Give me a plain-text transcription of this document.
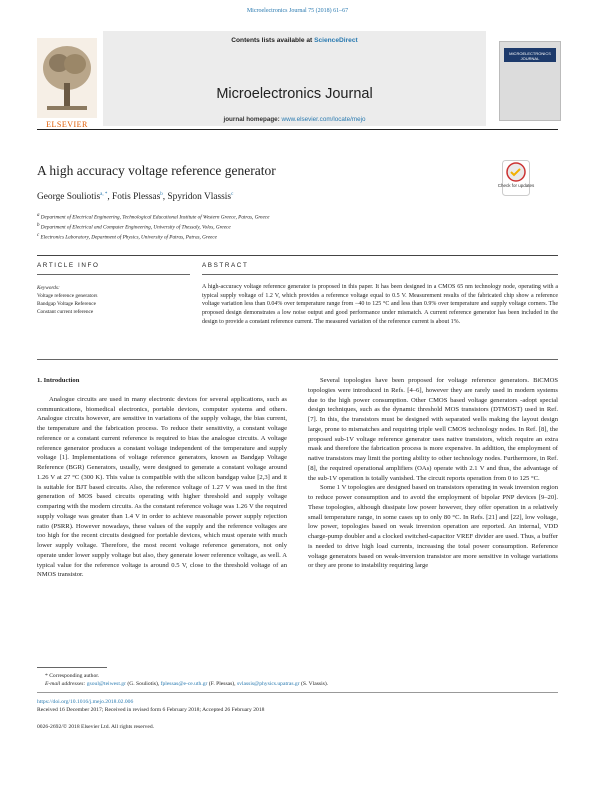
Microelectronics Journal 75 (2018) 61–67
Contents lists available at ScienceDirect
Microelectronics Journal
journal homepage: www.elsevier.com/locate/mejo
ELSEVIER
MICROELECTRONICS JOURNAL
A high accuracy voltage reference generator
George Souliotis$^{a, *}$, Fotis Plessas$^b$, Spyridon Vlassis$^c$
$^a$ Department of Electrical Engineering, Technological Educational Institute of Western Greece, Patras, Greece
$^b$ Department of Electrical and Computer Engineering, University of Thessaly, Volos, Greece
$^c$ Electronics Laboratory, Department of Physics, University of Patras, Patras, Greece
Check for updates
ARTICLE INFO	ABSTRACT
Keywords:
Voltage reference generators
Bandgap Voltage Reference
Constant current reference
A high-accuracy voltage reference generator is proposed in this paper. It has been designed in a CMOS 65 nm technology node, operating with a typical supply voltage of 1.2 V, which provides a reference voltage equal to 0.5 V. Measurement results of the fabricated chip show a reference voltage variation less than 0.04% over temperature range from −40 to 125 °C and less than 0.9% over temperature and supply voltage corners. The proposed design demonstrates a low noise output and good performance under mismatch. A current reference generator has been included in the design to provide a constant reference current. The measured variation of the reference current is about 1%.
1. Introduction

Analogue circuits are used in many electronic devices for several applications, such as communications, biomedical electronics, portable devices, computer systems and others. Analogue circuits however, are sensitive in variations of the supply voltage, the bias current, the temperature and the fabrication process. To reduce their sensitivity, a constant voltage reference or a constant current reference is required to bias the analogue circuits. A voltage reference generator produces a constant voltage independent of the temperature and supply voltage [1]. Implementations of voltage reference generators, known as Bandgap Voltage Reference (BGR) Generators, usually, were designed to generate a constant voltage around 1.26 V at 27 °C (300 K). This value is compatible with the silicon bandgap value [2,3] and it is suitable for BJT based circuits. Also, the reference voltage of 1.27 V was used in the first generation of MOS based circuits operating with higher threshold and supply voltage comparing with the modern circuits. As the constant reference voltage was 1.26 V the required supply voltage was greater than 1.4 V in order to achieve reasonable power supply rejection ratio (PSRR). However nowadays, these values of the supply and the reference voltages are too high for the recent circuits designed for portable devices, which must operate with much lower supply voltage. Therefore, the most recent voltage reference generators, not only operate under lower supply voltage but also, they generate lower reference voltage, as well. A typical value for the reference voltage is around 0.5 V, close to the threshold voltage of an NMOS transistor.

Several topologies have been proposed for voltage reference generators. BiCMOS topologies were introduced in Refs. [4–6], however they are rarely used in modern systems due to the high power consumption. Other CMOS based voltage generators -adopt special design techniques, such as the dynamic threshold MOS transistors (DTMOST) used in Ref. [7]. In this, the transistors must be designed with separated wells making the layout design large, prone to mismatches and requiring triple well CMOS technology nodes. In Ref. [8], the proposed sub-1V voltage reference generator uses native transistors, which require an extra mask and therefore the fabrication process is more expensive. In addition, the employment of native transistors may limit the porting ability to other technology nodes. Furthermore, in Ref. [8], the required operational amplifiers (OAs) operate with 2.1 V and thus, the advantage of the sub-1V operation is totally vanished. The circuit reports operation from 0 to 125 °C.

Some 1 V topologies are designed based on transistors operating in weak inversion region to reduce power consumption and to avoid the employment of bipolar PNP devices [9–20]. These topologies, although dissipate low power however, they offer operation in a relatively small temperature range, in some cases up to only 80 °C. In Refs. [21] and [22], low voltage, low power, topologies based on weak inversion operation are reported. An internal, VDD charge-pump doubler and a clocked switched-capacitor VREF divider are used. Thus, a buffer is needed to drive high load currents, increasing the total power consumption. Reference voltage generators based on weak-inversion transistor are more sensitive in voltage variations or they are prone to instability requiring large

* Corresponding author.
E-mail addresses: gsoul@teiwest.gr (G. Souliotis), fplessas@e-ce.uth.gr (F. Plessas), svlassis@physics.upatras.gr (S. Vlassis).
https://doi.org/10.1016/j.mejo.2018.02.006
Received 16 December 2017; Received in revised form 6 February 2018; Accepted 26 February 2018
0026-2692/© 2018 Elsevier Ltd. All rights reserved.
